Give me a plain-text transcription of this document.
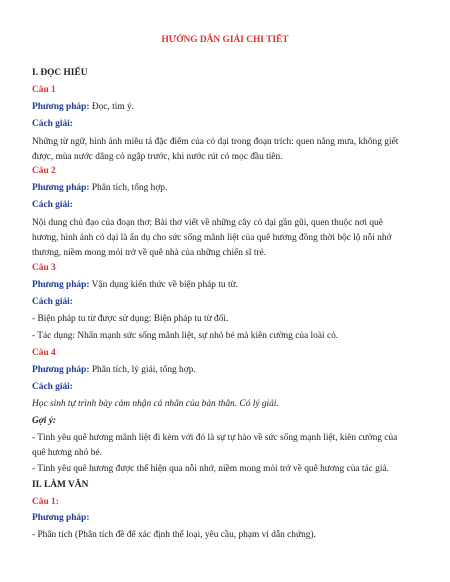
HƯỚNG DẪN GIẢI CHI TIẾT
I. ĐỌC HIỂU
Câu 1
Phương pháp: Đọc, tìm ý.
Cách giải:
Những từ ngữ, hình ảnh miêu tả đặc điểm của cỏ dại trong đoạn trích: quen nắng mưa, không giết
được, mùa nước dâng cỏ ngập trước, khi nước rút cỏ mọc đầu tiên.
Câu 2
Phương pháp: Phân tích, tổng hợp.
Cách giải:
Nội dung chủ đạo của đoạn thơ: Bài thơ viết về những cây cỏ dại gần gũi, quen thuộc nơi quê
hương, hình ảnh cỏ dại là ẩn dụ cho sức sống mãnh liệt của quê hương đồng thời bộc lộ nỗi nhớ
thương, niềm mong mỏi trở về quê nhà của những chiến sĩ trẻ.
Câu 3
Phương pháp: Vận dụng kiến thức về biện pháp tu từ.
Cách giải:
- Biện pháp tu từ được sử dụng: Biện pháp tu từ đối.
- Tác dụng: Nhấn mạnh sức sống mãnh liệt, sự nhỏ bé mà kiên cường của loài cỏ.
Câu 4
Phương pháp: Phân tích, lý giải, tổng hợp.
Cách giải:
Học sinh tự trình bày cảm nhận cá nhân của bản thân. Có lý giải.
Gợi ý:
- Tình yêu quê hương mãnh liệt đi kèm với đó là sự tự hào về sức sống mạnh liệt, kiên cường của
quê hương nhỏ bé.
- Tình yêu quê hương được thể hiện qua nỗi nhớ, niềm mong mỏi trở về quê hương của tác giả.
II. LÀM VĂN
Câu 1:
Phương pháp:
- Phân tích (Phân tích đề để xác định thể loại, yêu cầu, phạm vi dẫn chứng).
